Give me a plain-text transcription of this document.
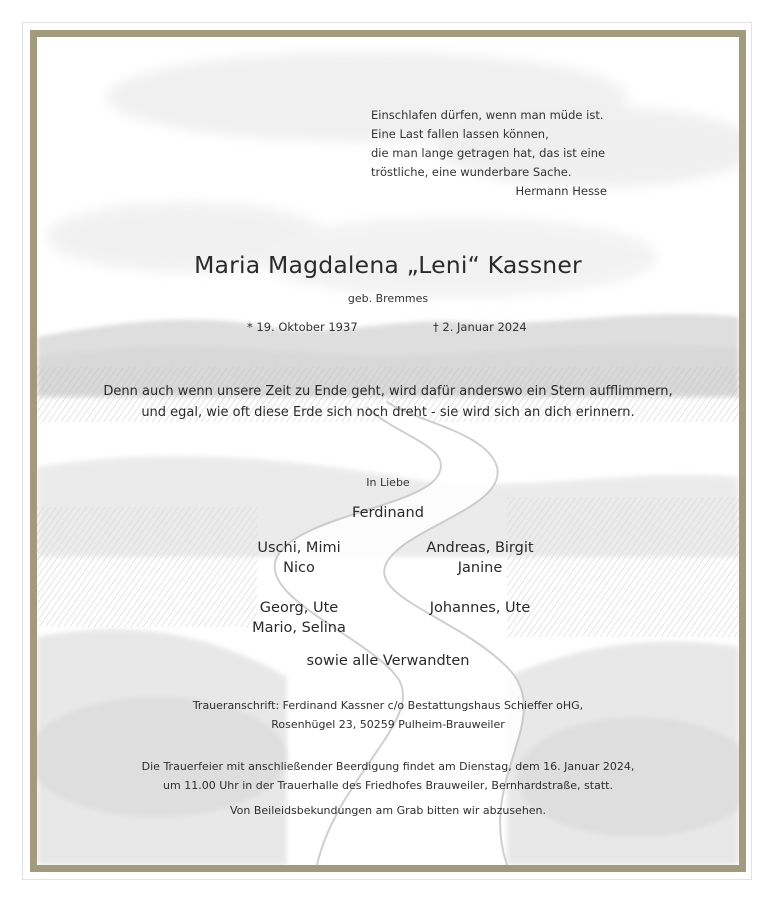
Einschlafen dürfen, wenn man müde ist.

Eine Last fallen lassen können,

die man lange getragen hat, das ist eine

tröstliche, eine wunderbare Sache.

Hermann Hesse

Maria Magdalena „Leni“ Kassner

geb. Bremmes

* 19. Oktober 1937	† 2. Januar 2024

Denn auch wenn unsere Zeit zu Ende geht, wird dafür anderswo ein Stern aufflimmern,

und egal, wie oft diese Erde sich noch dreht - sie wird sich an dich erinnern.

In Liebe

Ferdinand

Uschi, Mimi

Nico

Andreas, Birgit

Janine

Georg, Ute

Mario, Selina

Johannes, Ute

sowie alle Verwandten

Traueranschrift: Ferdinand Kassner c/o Bestattungshaus Schieffer oHG,

Rosenhügel 23, 50259 Pulheim-Brauweiler

Die Trauerfeier mit anschließender Beerdigung findet am Dienstag, dem 16. Januar 2024,

um 11.00 Uhr in der Trauerhalle des Friedhofes Brauweiler, Bernhardstraße, statt.

Von Beileidsbekundungen am Grab bitten wir abzusehen.
